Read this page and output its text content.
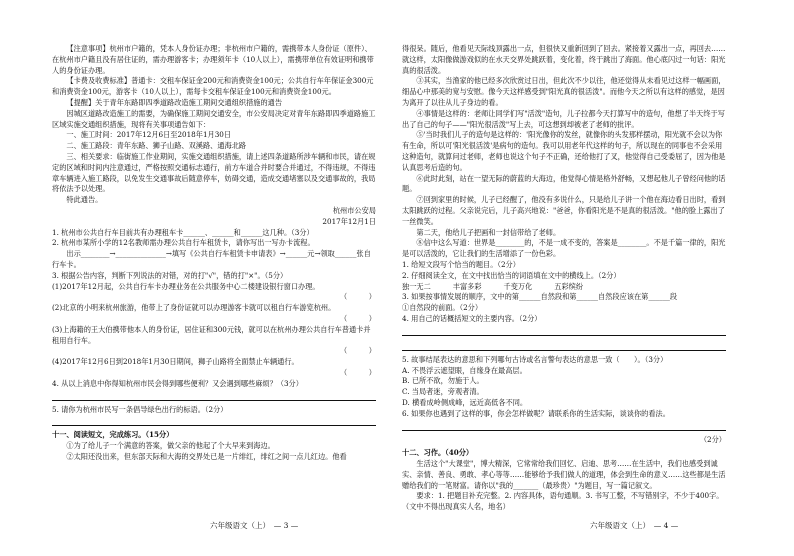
【注意事项】杭州市户籍的，凭本人身份证办理；非杭州市户籍的，需携带本人身份证（原件）、在杭州市户籍且没有居住证的，需办理游客卡；办理须年卡（10人以上），需携带单位有效证明和携带人的身份证办理。

【卡费及收费标准】普通卡：交租车保证金200元和消费资金100元；公共自行车年保证金300元和消费资金100元，游客卡（10人以上），需每卡交租车保证金100元和消费资金100元。

【提醒】关于青年东路即四季道路改造施工期间交通组织措施的通告

因城区道路改造施工的需要，为确保施工期间交通安全，市公安局决定对青年东路即四季道路施工区域实施交通组织措施，现将有关事项通告如下：

一、施工时间：2017年12月6日至2018年1月30日

二、施工路段：青年东路、狮子山路、双溪路、通海北路

三、相关要求：临街施工作业期间，实施交通组织措施，请上述四条道路所涉车辆和市民，请在规定的区域和时间内注意通过，严格按照交通标志通行，前方车道合并时要合并通过，不得违规，不得违章车辆进入施工路段，以免发生交通事故后随意停车，妨碍交通，造成交通堵塞以及交通事故的，我局将依法予以处理。

特此通告。

杭州市公安局

2017年12月1日

1. 杭州市公共自行车目前共有办理租车卡______、______和______这几种。（3分）

2. 杭州市某所小学的12名教师需办理公共自行车租赁卡，请你写出一写办卡流程。

出示________→______________→填写《公共自行车租赁卡申请表》→______元→领取______张自行车卡。

3. 根据公告内容，判断下列说法的对错，对的打"√"，错的打"×"。（5分）

(1)2017年12月起，公共自行车卡办理业务在公共服务中心二楼建设银行窗口办理。

（　　　）

(2)北京的小明来杭州旅游，他带上了身份证就可以办理游客卡就可以租自行车游览杭州。

（　　　）

(3)上海籍的王大伯携带他本人的身份证，居住证和300元钱，就可以在杭州办理公共自行车普通卡并租用自行车。

（　　　）

(4)2017年12月6日到2018年1月30日期间，狮子山路将全面禁止车辆通行。

（　　　）

4. 从以上消息中你得知杭州市民会得到哪些便利？又会遇到哪些麻烦？（3分）

5. 请你为杭州市民写一条倡导绿色出行的标语。（2分）

十一、阅读短文，完成练习。（15分）

①为了给儿子一个满意的答案，做父亲的他起了个大早来到海边。

②太阳还没出来，但东部天际和大海的交界处已是一片绯红，绯红之间一点儿红边。他看

得很呆。随后，他看见天际线顶露出一点，但很快又重新回到了回去。紧接着又露出一点，再回去……就这样，太阳像做游戏似的在水天交界处跳跃着，变化着，终于跳出了海面。他心底闪过一句话：阳光真的很活泼。

③其实，当渔家的他已经多次欣赏过日出，但此次不少以往，他还觉得从未看见过这样一幅画面，细品心中那美的宽与安慰。像今天这样感受到"阳光真的很活泼"。而他今天之所以有这样的感觉，是因为离开了以往从儿子身边的看。

④事情是这样的：老师让同学们写"活泼"造句，儿子拉都今天打算写中的造句，他想了半天终于写出了自己的句子——"阳光很活泼"写上去，可这想到却被老了老师的批评。

⑤'当时我们儿子的造句是这样的：'阳光像你的发丝，就像你的头发那样摆动，阳光就不会以为你有生命，所以可'阳光很活泼'是病句的造句。我可以用老年代这样的句子，所以现在的同事也不会采用这种造句，就算问过老师，老师也说这个句子不正确，还给他打了叉，他觉得自己受委屈了，因为他是认真思考后造的句。

⑥此时此刻，站在一望无际的蔚蓝的大海边，他觉得心情是格外舒畅，又想起他儿子曾经问他的话题。

⑦回到家里的时候，儿子已经醒了，他没有多说什么，只是给儿子讲一个他在海边看日出时，看到太阳跳跃的过程。父亲说完后，儿子高兴地说："爸爸，你看阳光是不是真的很活泼。"他的脸上露出了一丝微笑。

第二天，他给儿子把画和一封信带给了老师。

⑧信中这么写道：世界是________的，不是一成不变的，答案是________。不是千篇一律的，阳光是可以活泼的，它让我们的生活增添了一份色彩。

1. 给短文段写个恰当的题目。（2分）

2. 仔细阅读全文，在文中找出恰当的词语填在文中的横线上。（2分）

独一无二	丰富多彩	千变万化	五彩缤纷

3. 如果按事情发展的顺序，文中的第______自然段和第______自然段应该在第______段

①自然段的前面。（2分）

4. 用自己的话概括短文的主要内容。（2分）

5. 故事结尾表达的意思和下列哪句古诗或名言警句表达的意思一致（　　）。（3分）

A. 不畏浮云遮望眼，自缘身在最高层。

B. 已所不欲，勿施于人。

C. 当局者迷，旁观者清。

D. 横看成岭侧成峰，远近高低各不同。

6. 如果你也遇到了这样的事，你会怎样做呢？请联系你的生活实际，谈谈你的看法。

（2分）

十二、习作。（40分）

生活这个"大课堂"，博大精深，它常常给我们回忆、启迪、思考……在生活中，我们也感受到诚实、亲情、善良、勇敢、孝心等等……能够给予我们做人的道理，体会到生命的意义……这些都是生活赠给我们的一笔财富。请你以"我的_______（最珍贵）"为题目，写一篇记叙文。

要求：1. 把题目补充完整。2. 内容具体，语句通顺。3. 书写工整，不写错别字，不少于400字。（文中不得出现真实人名，地名）

六年级语文（上）　— 3 —	六年级语文（上）　— 4 —
